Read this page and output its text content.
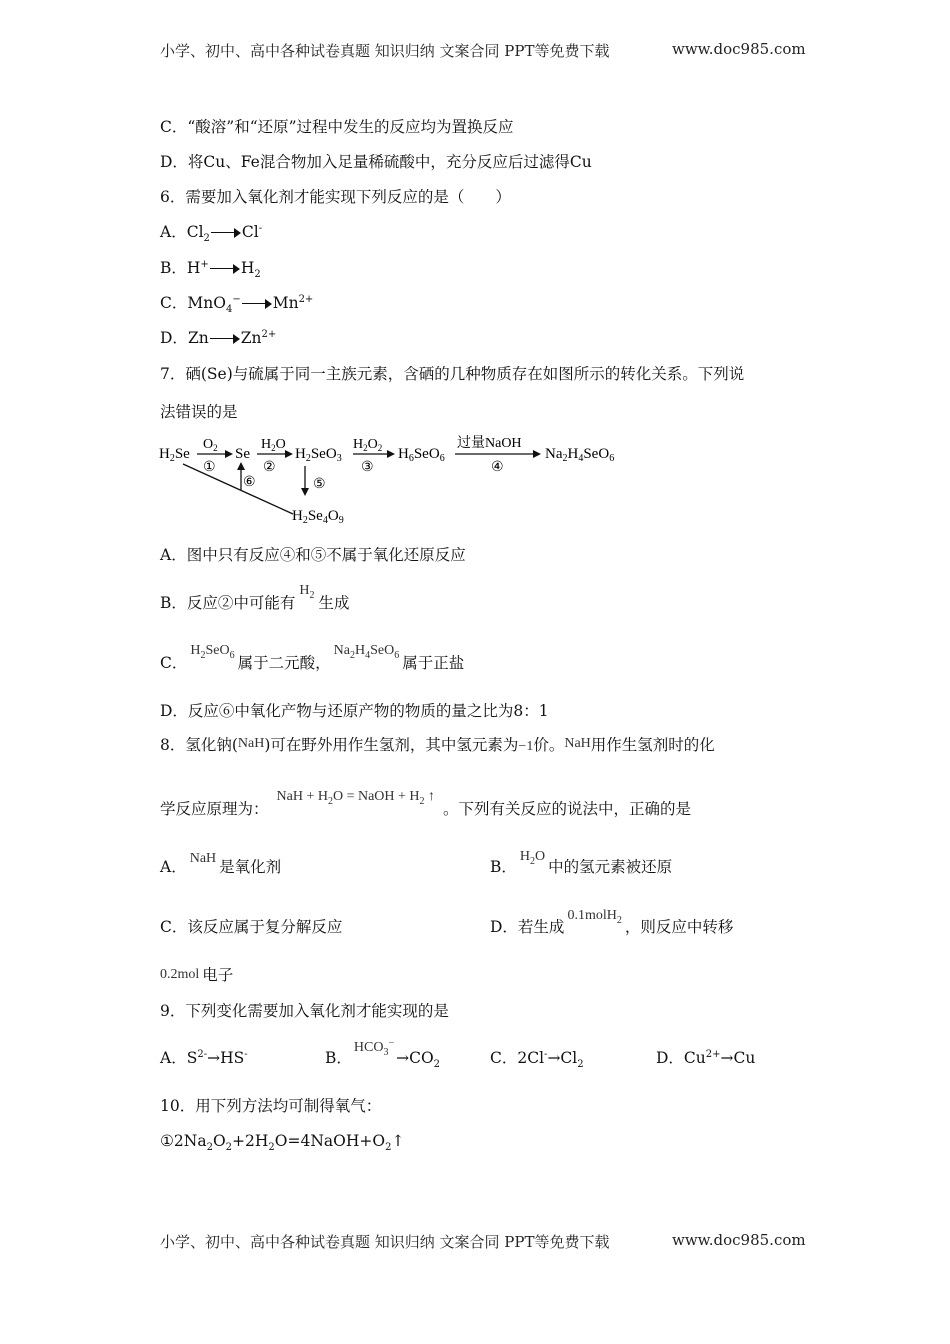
小学、初中、高中各种试卷真题 知识归纳 文案合同 PPT等免费下载	www.doc985.com
C．“酸溶”和“还原”过程中发生的反应均为置换反应
D．将Cu、Fe混合物加入足量稀硫酸中，充分反应后过滤得Cu
6．需要加入氧化剂才能实现下列反应的是（　　）
A．$Cl_2$ Cl-
B．H+ $H_2$
C．MnO$_4$− $Mn^{2+}$
D．Zn $Zn^{2+}$
7．硒(Se)与硫属于同一主族元素，含硒的几种物质存在如图所示的转化关系。下列说
法错误的是
$H_2Se$	Se	$H_2SeO_3$	$H_6SeO_6$	$Na_2H_4SeO_6$
$H_2Se_4O_9$
$O_2$
①
$H_2O$
②
$H_2O_2$
③
过量NaOH
④
⑤
⑥
A．图中只有反应④和⑤不属于氧化还原反应
B．反应②中可能有$H_2$ 生成
C．$H_2SeO_6$ 属于二元酸，$Na_2H_4SeO_6$ 属于正盐
D．反应⑥中氧化产物与还原产物的物质的量之比为8：1
8．氢化钠(NaH)可在野外用作生氢剂，其中氢元素为−1价。NaH用作生氢剂时的化
学反应原理为：NaH + $H_2O$ = NaOH + $H_2$ ↑。下列有关反应的说法中，正确的是
A． NaH 是氧化剂	B．$H_2O$中的氢元素被还原
C．该反应属于复分解反应	D．若生成0.1molH$_2$ ，则反应中转移
0.2mol 电子
9．下列变化需要加入氧化剂才能实现的是
A．$S^{2-}\to HS^-$	B．$HCO_3^-\to CO_2$	C．$2Cl^-\to Cl_2$	D．$Cu^{2+}\to Cu$
10．用下列方法均可制得氧气：
$①2Na_2O_2+2H_2O=4NaOH+O_2↑$
小学、初中、高中各种试卷真题 知识归纳 文案合同 PPT等免费下载	www.doc985.com
